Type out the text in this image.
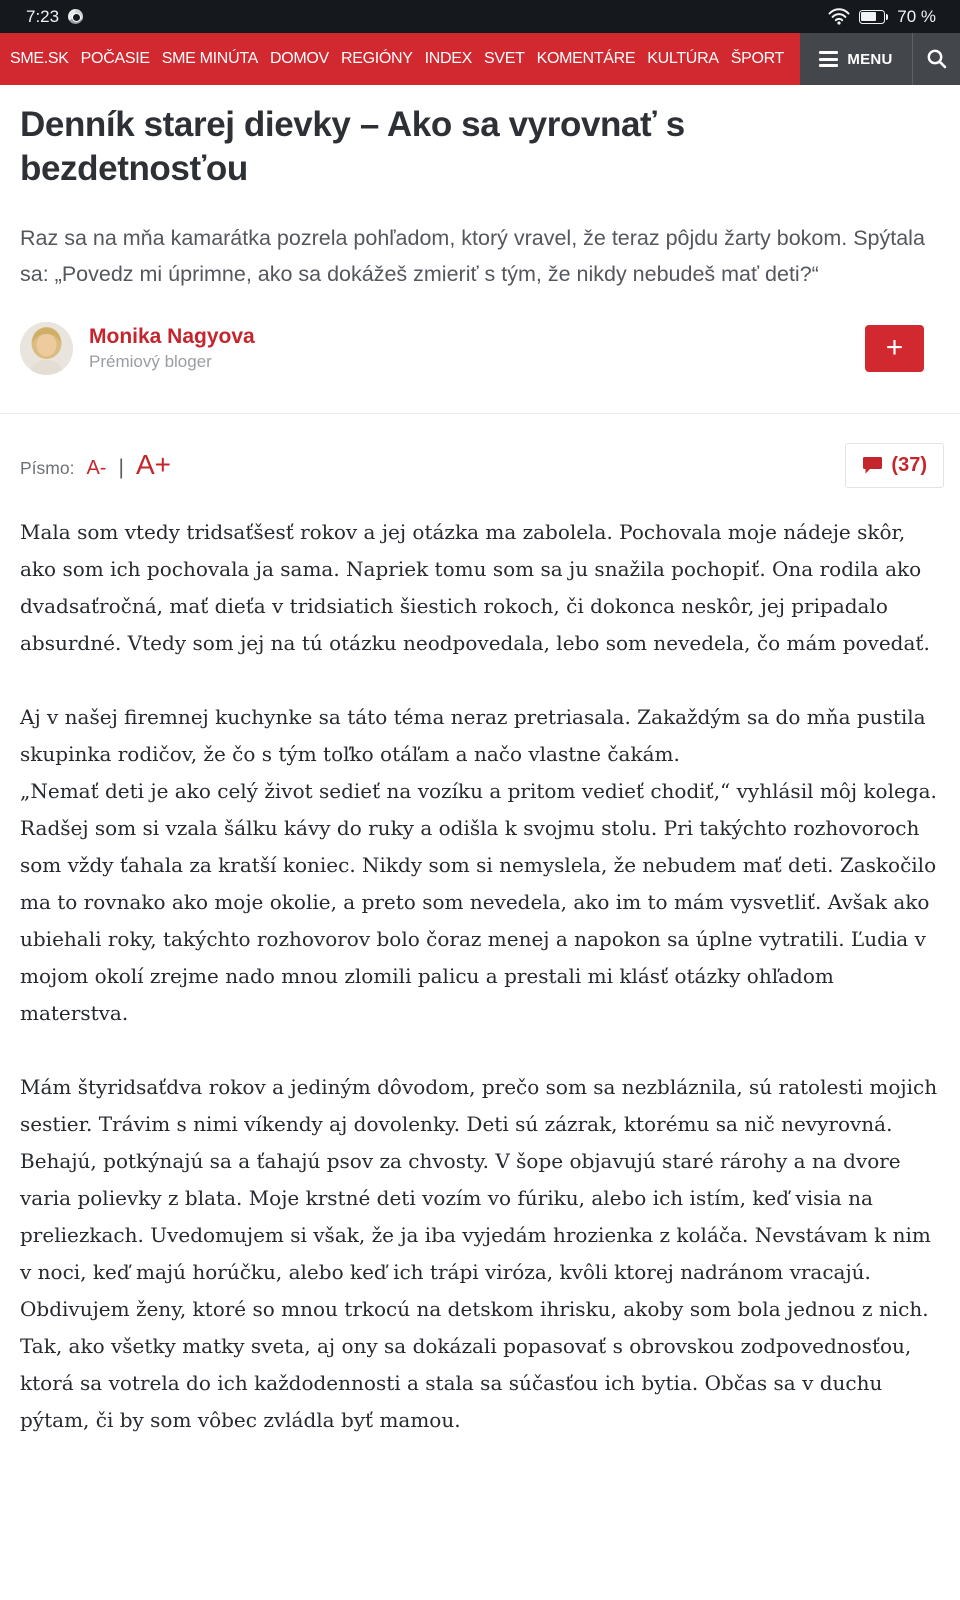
7:23	70 %
SME.SK POČASIE SME MINÚTA DOMOV REGIÓNY INDEX SVET KOMENTÁRE KULTÚRA ŠPORT	MENU
Denník starej dievky – Ako sa vyrovnať s bezdetnosťou

Raz sa na mňa kamarátka pozrela pohľadom, ktorý vravel, že teraz pôjdu žarty bokom. Spýtala sa: „Povedz mi úprimne, ako sa dokážeš zmieriť s tým, že nikdy nebudeš mať deti?“

Monika Nagyova
Prémiový bloger	+
Písmo: A- | A+	(37)

Mala som vtedy tridsaťšesť rokov a jej otázka ma zabolela. Pochovala moje nádeje skôr, ako som ich pochovala ja sama. Napriek tomu som sa ju snažila pochopiť. Ona rodila ako dvadsaťročná, mať dieťa v tridsiatich šiestich rokoch, či dokonca neskôr, jej pripadalo absurdné. Vtedy som jej na tú otázku neodpovedala, lebo som nevedela, čo mám povedať.

Aj v našej firemnej kuchynke sa táto téma neraz pretriasala. Zakaždým sa do mňa pustila skupinka rodičov, že čo s tým toľko otáľam a načo vlastne čakám.

„Nemať deti je ako celý život sedieť na vozíku a pritom vedieť chodiť,“ vyhlásil môj kolega.

Radšej som si vzala šálku kávy do ruky a odišla k svojmu stolu. Pri takýchto rozhovoroch som vždy ťahala za kratší koniec. Nikdy som si nemyslela, že nebudem mať deti. Zaskočilo ma to rovnako ako moje okolie, a preto som nevedela, ako im to mám vysvetliť. Avšak ako ubiehali roky, takýchto rozhovorov bolo čoraz menej a napokon sa úplne vytratili. Ľudia v mojom okolí zrejme nado mnou zlomili palicu a prestali mi klásť otázky ohľadom materstva.

Mám štyridsaťdva rokov a jediným dôvodom, prečo som sa nezbláznila, sú ratolesti mojich sestier. Trávim s nimi víkendy aj dovolenky. Deti sú zázrak, ktorému sa nič nevyrovná. Behajú, potkýnajú sa a ťahajú psov za chvosty. V šope objavujú staré rárohy a na dvore varia polievky z blata. Moje krstné deti vozím vo fúriku, alebo ich istím, keď visia na preliezkach. Uvedomujem si však, že ja iba vyjedám hrozienka z koláča. Nevstávam k nim v noci, keď majú horúčku, alebo keď ich trápi viróza, kvôli ktorej nadránom vracajú. Obdivujem ženy, ktoré so mnou trkocú na detskom ihrisku, akoby som bola jednou z nich. Tak, ako všetky matky sveta, aj ony sa dokázali popasovať s obrovskou zodpovednosťou, ktorá sa votrela do ich každodennosti a stala sa súčasťou ich bytia. Občas sa v duchu pýtam, či by som vôbec zvládla byť mamou.
